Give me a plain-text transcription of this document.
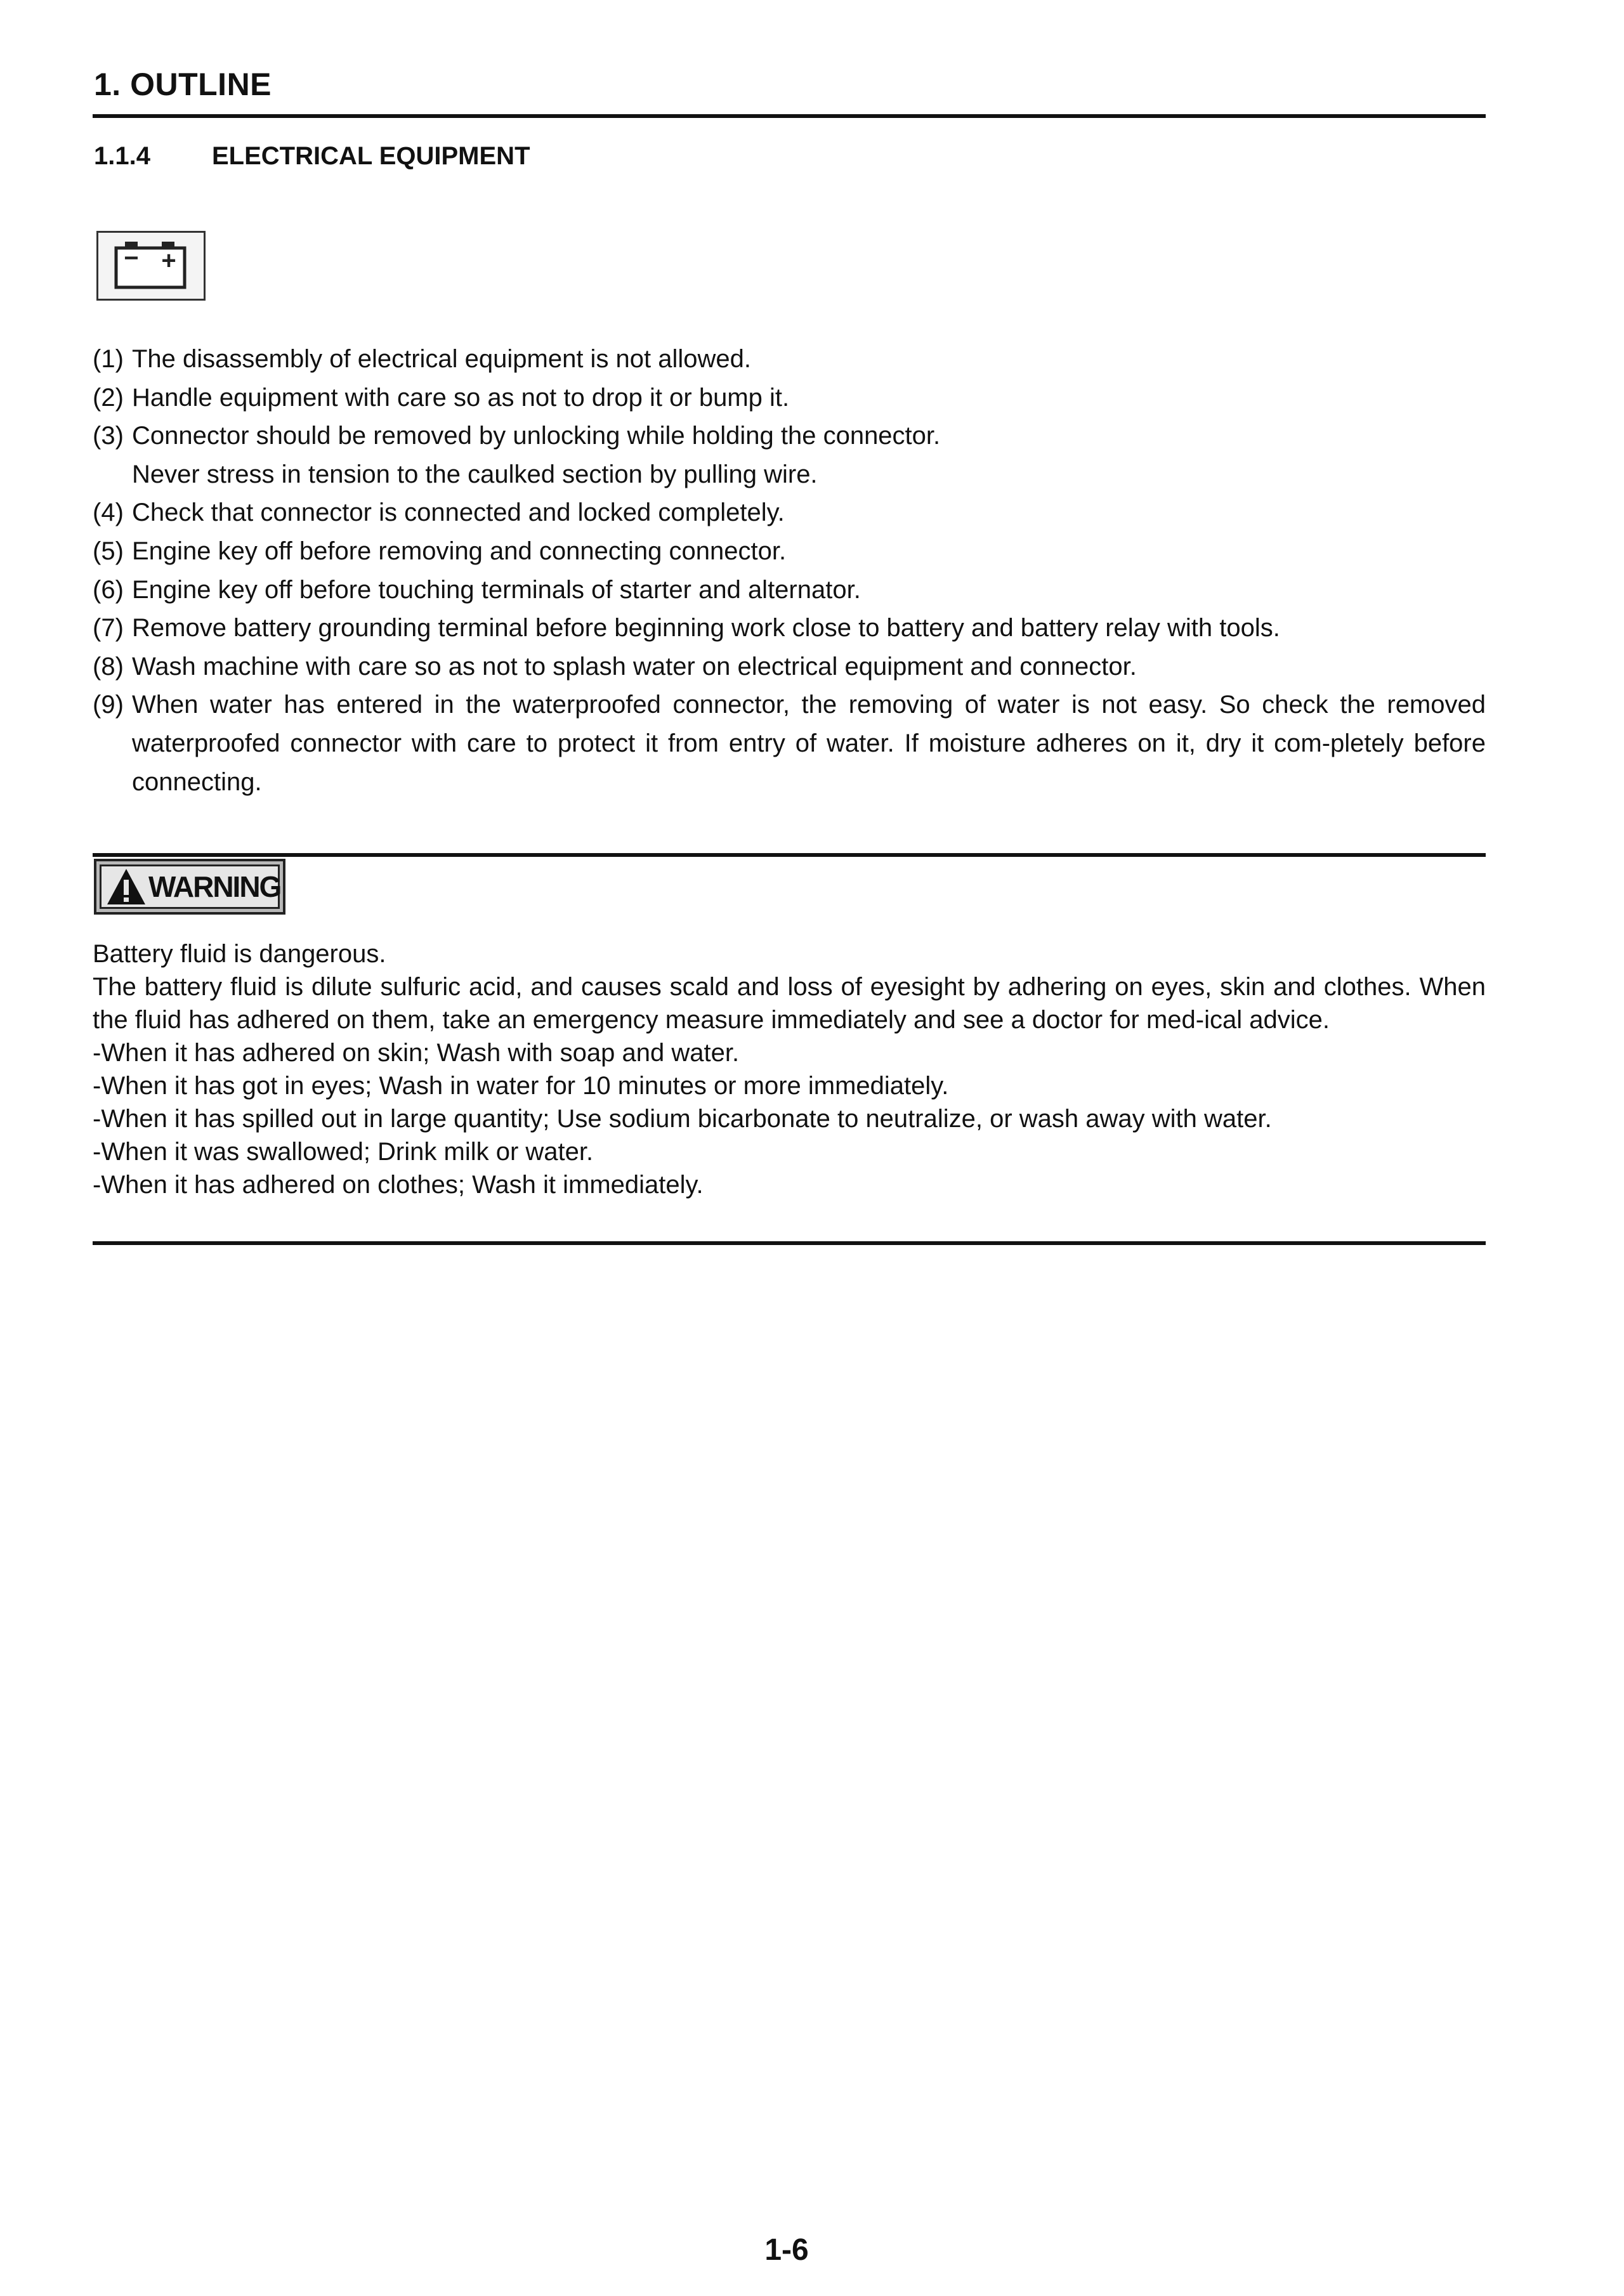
1. OUTLINE
1.1.4 ELECTRICAL EQUIPMENT
− +
(1) The disassembly of electrical equipment is not allowed.
(2) Handle equipment with care so as not to drop it or bump it.
(3) Connector should be removed by unlocking while holding the connector.
Never stress in tension to the caulked section by pulling wire.
(4) Check that connector is connected and locked completely.
(5) Engine key off before removing and connecting connector.
(6) Engine key off before touching terminals of starter and alternator.
(7) Remove battery grounding terminal before beginning work close to battery and battery relay with tools.
(8) Wash machine with care so as not to splash water on electrical equipment and connector.
(9) When water has entered in the waterproofed connector, the removing of water is not easy. So check the removed waterproofed connector with care to protect it from entry of water. If moisture adheres on it, dry it com-pletely before connecting.
WARNING

Battery fluid is dangerous.

The battery fluid is dilute sulfuric acid, and causes scald and loss of eyesight by adhering on eyes, skin and clothes. When the fluid has adhered on them, take an emergency measure immediately and see a doctor for med-ical advice.

-When it has adhered on skin; Wash with soap and water.

-When it has got in eyes; Wash in water for 10 minutes or more immediately.

-When it has spilled out in large quantity; Use sodium bicarbonate to neutralize, or wash away with water.

-When it was swallowed; Drink milk or water.

-When it has adhered on clothes; Wash it immediately.

1-6
